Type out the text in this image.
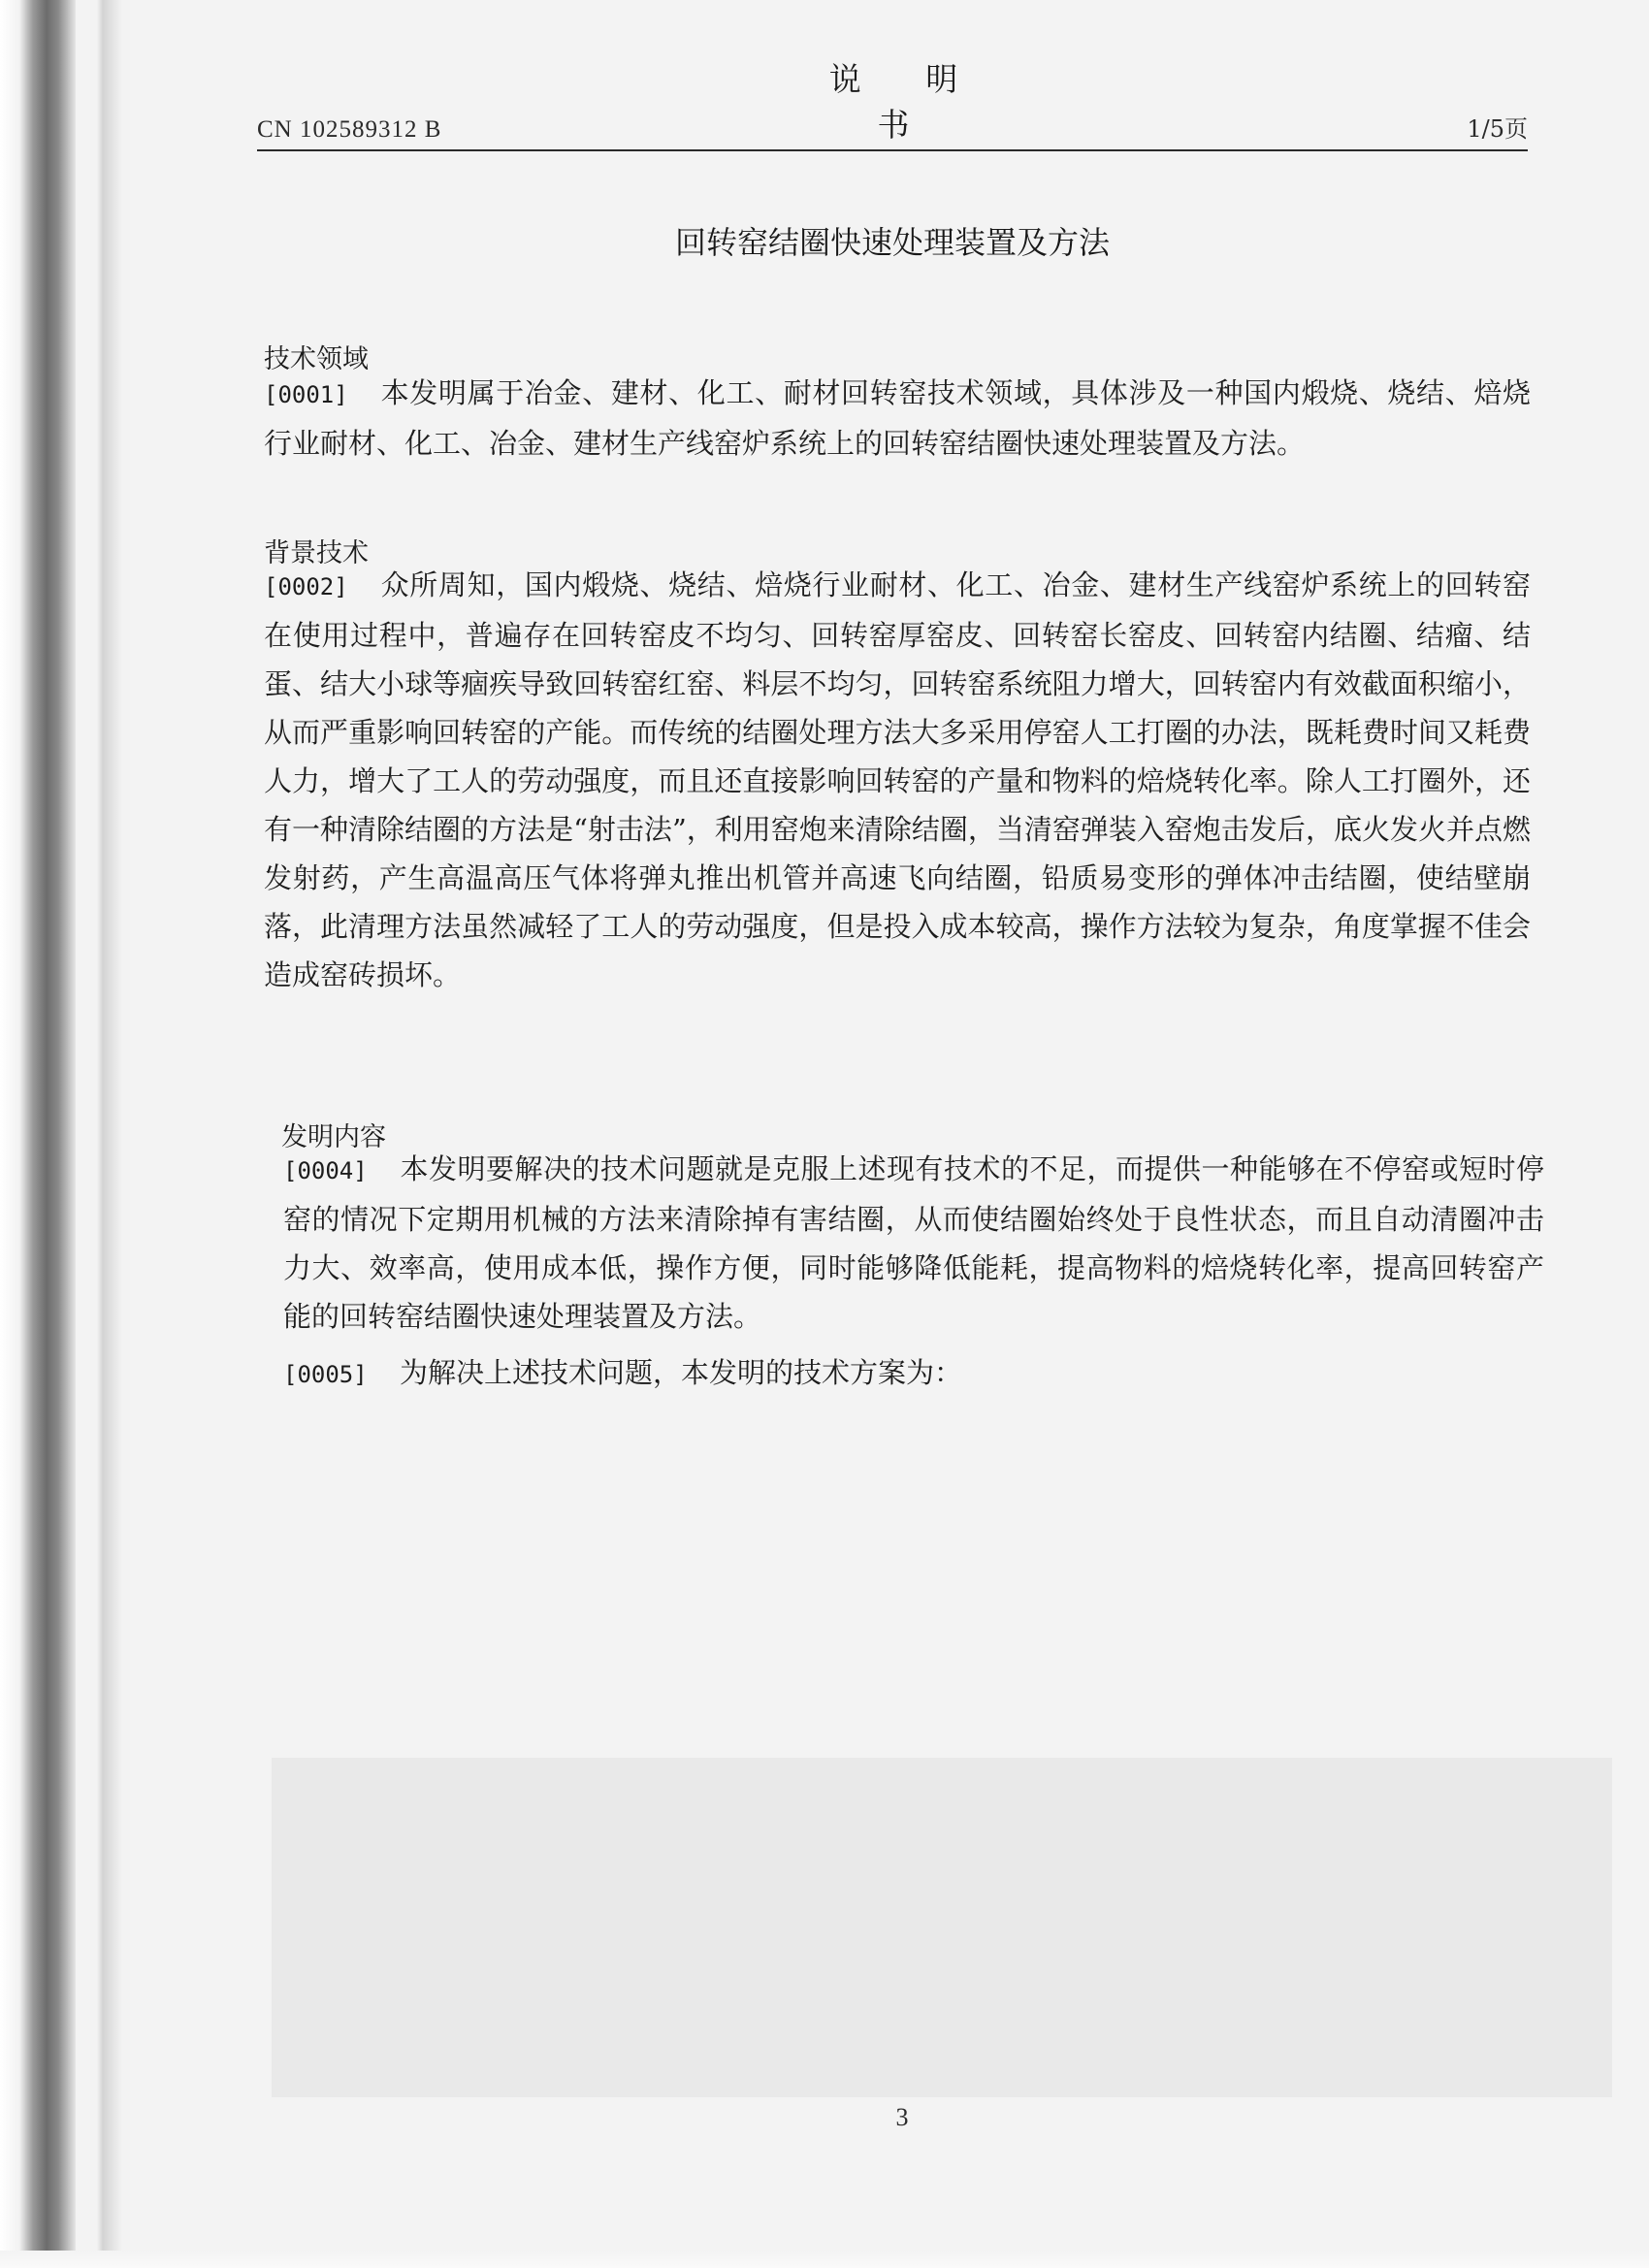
CN 102589312 B
说 明 书	1/5页
回转窑结圈快速处理装置及方法
技术领域
[0001] 本发明属于冶金、建材、化工、耐材回转窑技术领域，具体涉及一种国内煅烧、烧结、焙烧行业耐材、化工、冶金、建材生产线窑炉系统上的回转窑结圈快速处理装置及方法。
背景技术
[0002] 众所周知，国内煅烧、烧结、焙烧行业耐材、化工、冶金、建材生产线窑炉系统上的回转窑在使用过程中，普遍存在回转窑皮不均匀、回转窑厚窑皮、回转窑长窑皮、回转窑内结圈、结瘤、结蛋、结大小球等痼疾导致回转窑红窑、料层不均匀，回转窑系统阻力增大，回转窑内有效截面积缩小，从而严重影响回转窑的产能。而传统的结圈处理方法大多采用停窑人工打圈的办法，既耗费时间又耗费人力，增大了工人的劳动强度，而且还直接影响回转窑的产量和物料的焙烧转化率。除人工打圈外，还有一种清除结圈的方法是“射击法”，利用窑炮来清除结圈，当清窑弹装入窑炮击发后，底火发火并点燃发射药，产生高温高压气体将弹丸推出机管并高速飞向结圈，铅质易变形的弹体冲击结圈，使结壁崩落，此清理方法虽然减轻了工人的劳动强度，但是投入成本较高，操作方法较为复杂，角度掌握不佳会造成窑砖损坏。
发明内容
[0004] 本发明要解决的技术问题就是克服上述现有技术的不足，而提供一种能够在不停窑或短时停窑的情况下定期用机械的方法来清除掉有害结圈，从而使结圈始终处于良性状态，而且自动清圈冲击力大、效率高，使用成本低，操作方便，同时能够降低能耗，提高物料的焙烧转化率，提高回转窑产能的回转窑结圈快速处理装置及方法。
[0005] 为解决上述技术问题，本发明的技术方案为：
3
